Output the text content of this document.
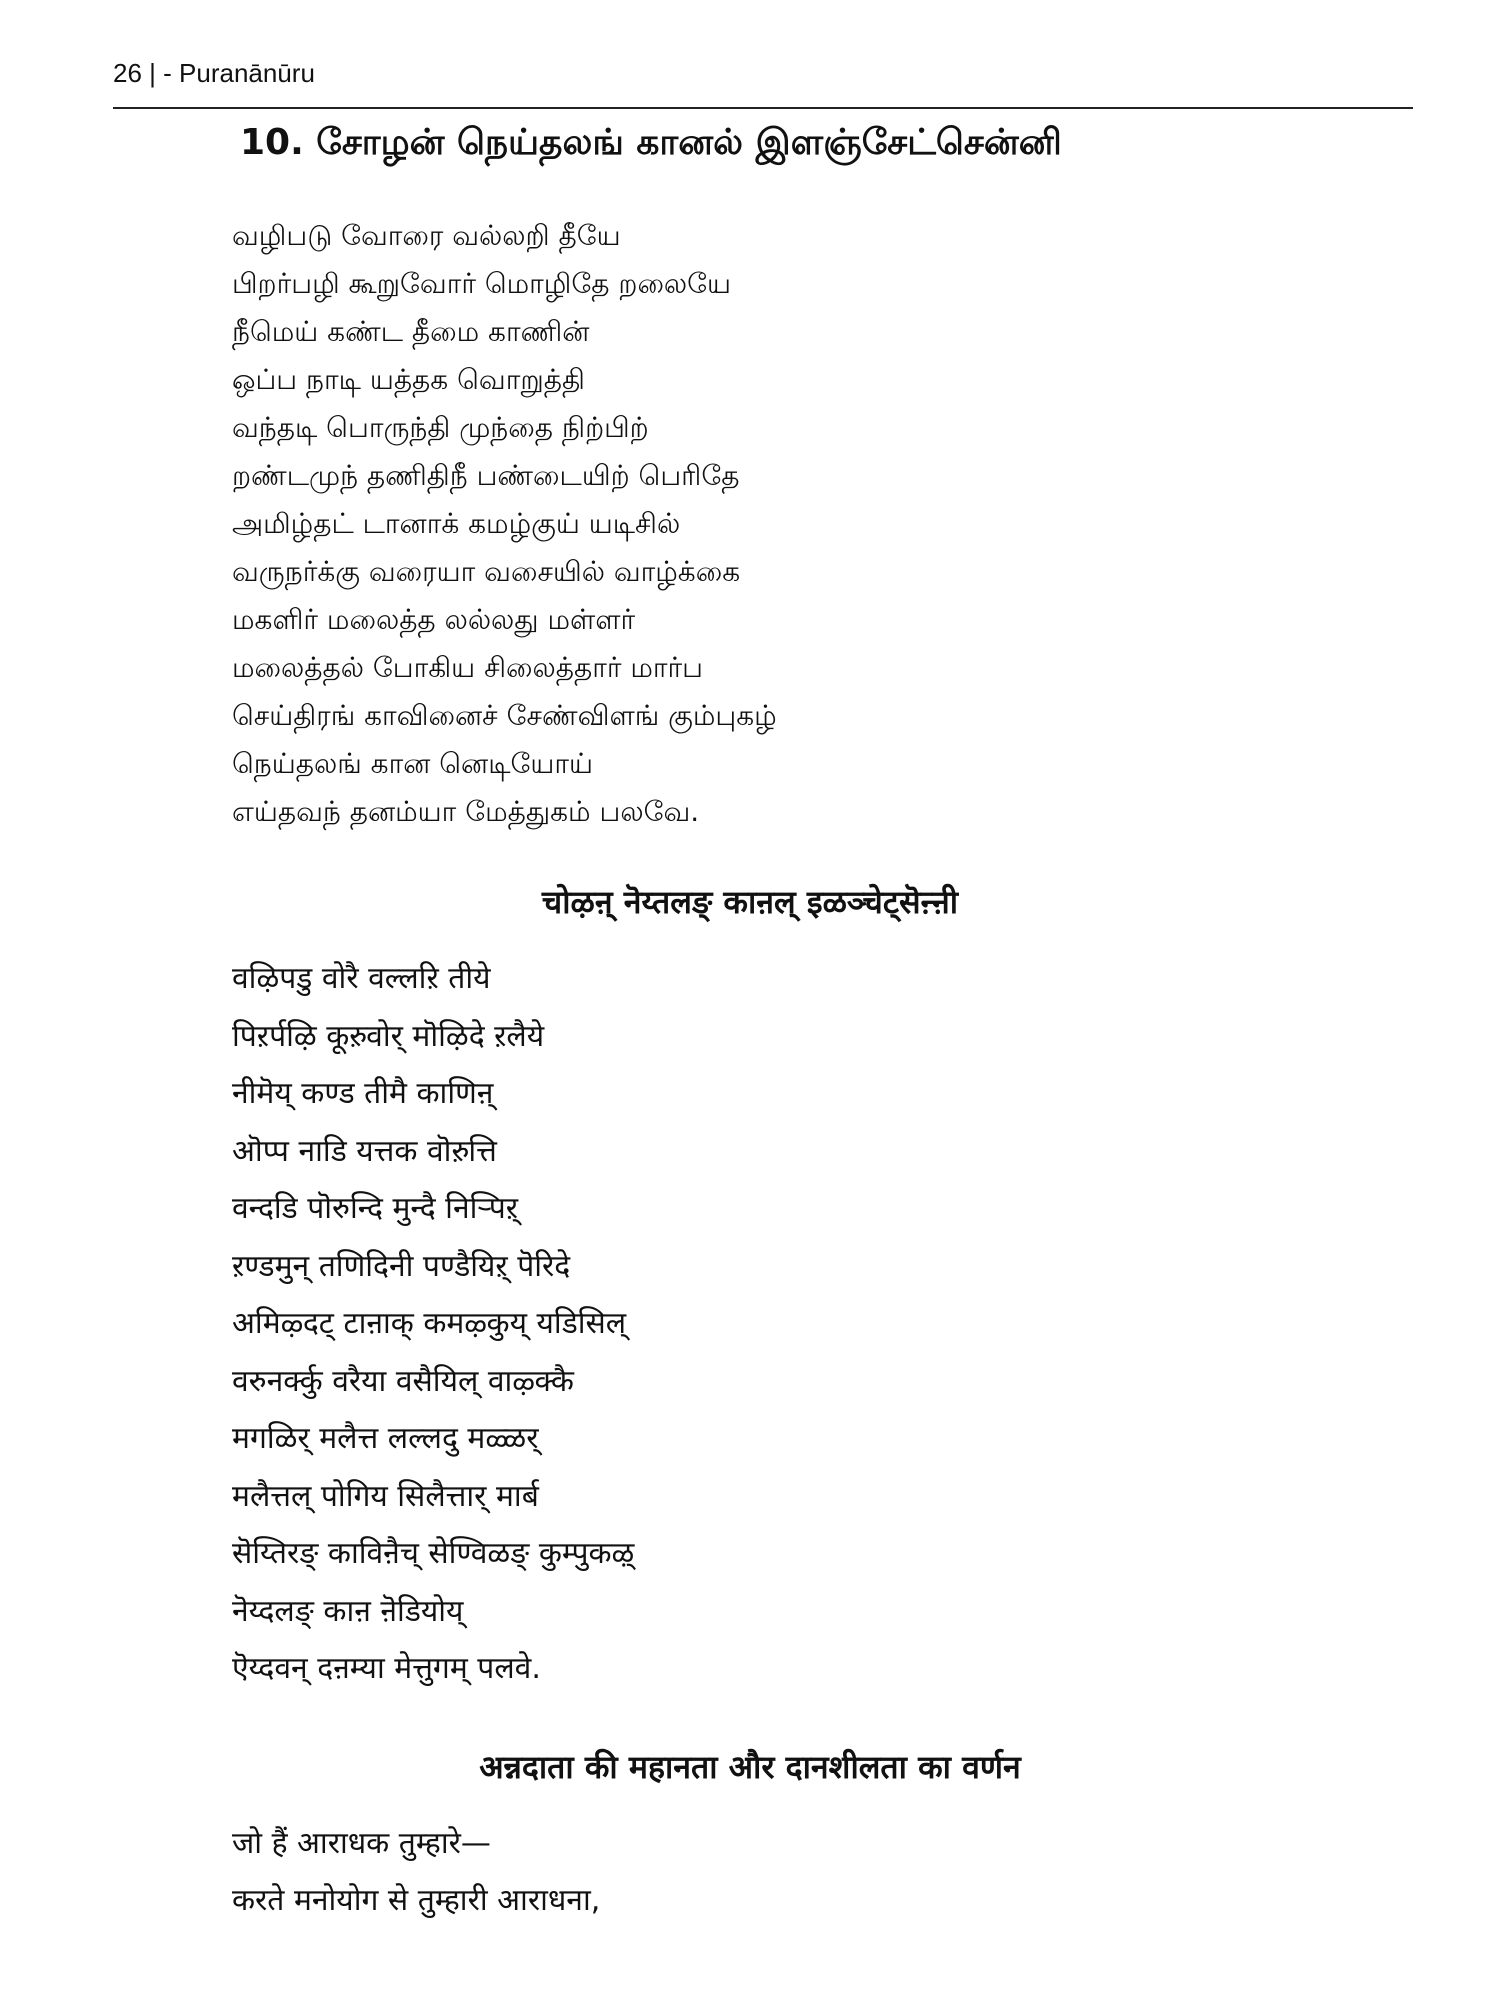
26 | - Puranānūru
10. சோழன் நெய்தலங் கானல் இளஞ்சேட்சென்னி
வழிபடு வோரை வல்லறி தீயே
பிறர்பழி கூறுவோர் மொழிதே றலையே
நீமெய் கண்ட தீமை காணின்
ஒப்ப நாடி யத்தக வொறுத்தி
வந்தடி பொருந்தி முந்தை நிற்பிற்
றண்டமுந் தணிதிநீ பண்டையிற் பெரிதே
அமிழ்தட் டானாக் கமழ்குய் யடிசில்
வருநர்க்கு வரையா வசையில் வாழ்க்கை
மகளிர் மலைத்த லல்லது மள்ளர்
மலைத்தல் போகிய சிலைத்தார் மார்ப
செய்திரங் காவினைச் சேண்விளங் கும்புகழ்
நெய்தலங் கான னெடியோய்
எய்தவந் தனம்யா மேத்துகம் பலவே.
चोऴऩ् नॆय्तलङ् काऩल् इळञ्चेट्सॆऩ्ऩी
वऴिपडु वोरै वल्लऱि तीये
पिऱर्पऴि कूऱुवोर् मॊऴिदे ऱलैये
नीमॆय् कण्ड तीमै काणिऩ्
ऒप्प नाडि यत्तक वॊऱुत्ति
वन्दडि पॊरुन्दि मुन्दै निऱ्पिऱ्
ऱण्डमुन् तणिदिनी पण्डैयिऱ् पॆरिदे
अमिऴ्दट् टाऩाक् कमऴ्कुय् यडिसिल्
वरुनर्क्कु वरैया वसैयिल् वाऴ्क्कै
मगळिर् मलैत्त लल्लदु मळ्ळर्
मलैत्तल् पोगिय सिलैत्तार् मार्ब
सॆय्तिरङ् काविऩैच् सेण्विळङ् कुम्पुकऴ्
नॆय्दलङ् काऩ ऩॆडियोय्
ऎय्दवन् दऩम्या मेत्तुगम् पलवे.
अन्नदाता की महानता और दानशीलता का वर्णन
जो हैं आराधक तुम्हारे—
करते मनोयोग से तुम्हारी आराधना,
